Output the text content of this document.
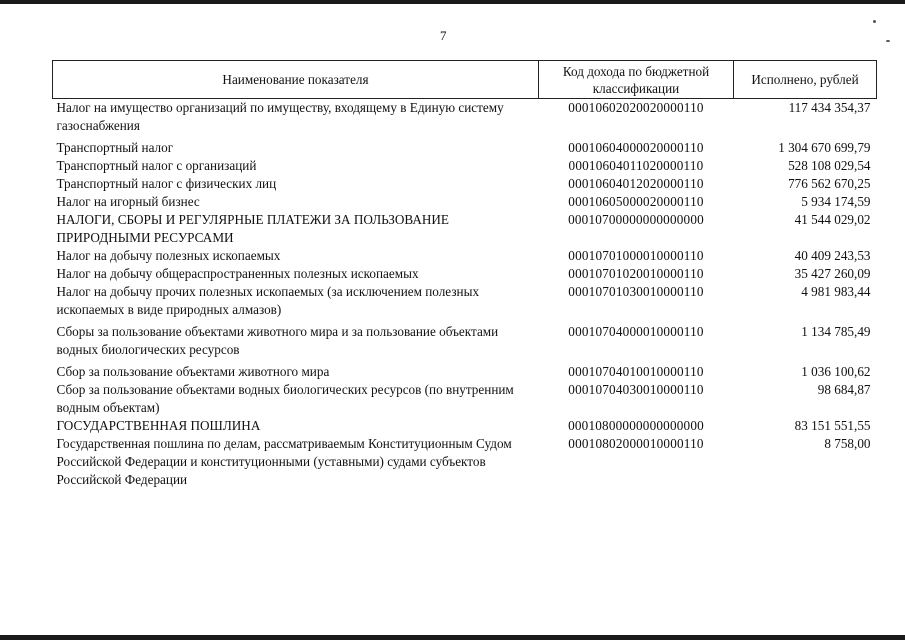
7
Наименование показателя	Код дохода по бюджетной классификации	Исполнено, рублей
Налог на имущество организаций по имуществу, входящему в Единую систему газоснабжения	00010602020020000110	117 434 354,37
Транспортный налог	00010604000020000110	1 304 670 699,79
Транспортный налог с организаций	00010604011020000110	528 108 029,54
Транспортный налог с физических лиц	00010604012020000110	776 562 670,25
Налог на игорный бизнес	00010605000020000110	5 934 174,59
НАЛОГИ, СБОРЫ И РЕГУЛЯРНЫЕ ПЛАТЕЖИ ЗА ПОЛЬЗОВАНИЕ ПРИРОДНЫМИ РЕСУРСАМИ	00010700000000000000	41 544 029,02
Налог на добычу полезных ископаемых	00010701000010000110	40 409 243,53
Налог на добычу общераспространенных полезных ископаемых	00010701020010000110	35 427 260,09
Налог на добычу прочих полезных ископаемых (за исключением полезных ископаемых в виде природных алмазов)	00010701030010000110	4 981 983,44
Сборы за пользование объектами животного мира и за пользование объектами водных биологических ресурсов	00010704000010000110	1 134 785,49
Сбор за пользование объектами животного мира	00010704010010000110	1 036 100,62
Сбор за пользование объектами водных биологических ресурсов (по внутренним водным объектам)	00010704030010000110	98 684,87
ГОСУДАРСТВЕННАЯ ПОШЛИНА	00010800000000000000	83 151 551,55
Государственная пошлина по делам, рассматриваемым Конституционным Судом Российской Федерации и конституционными (уставными) судами субъектов Российской Федерации	00010802000010000110	8 758,00
